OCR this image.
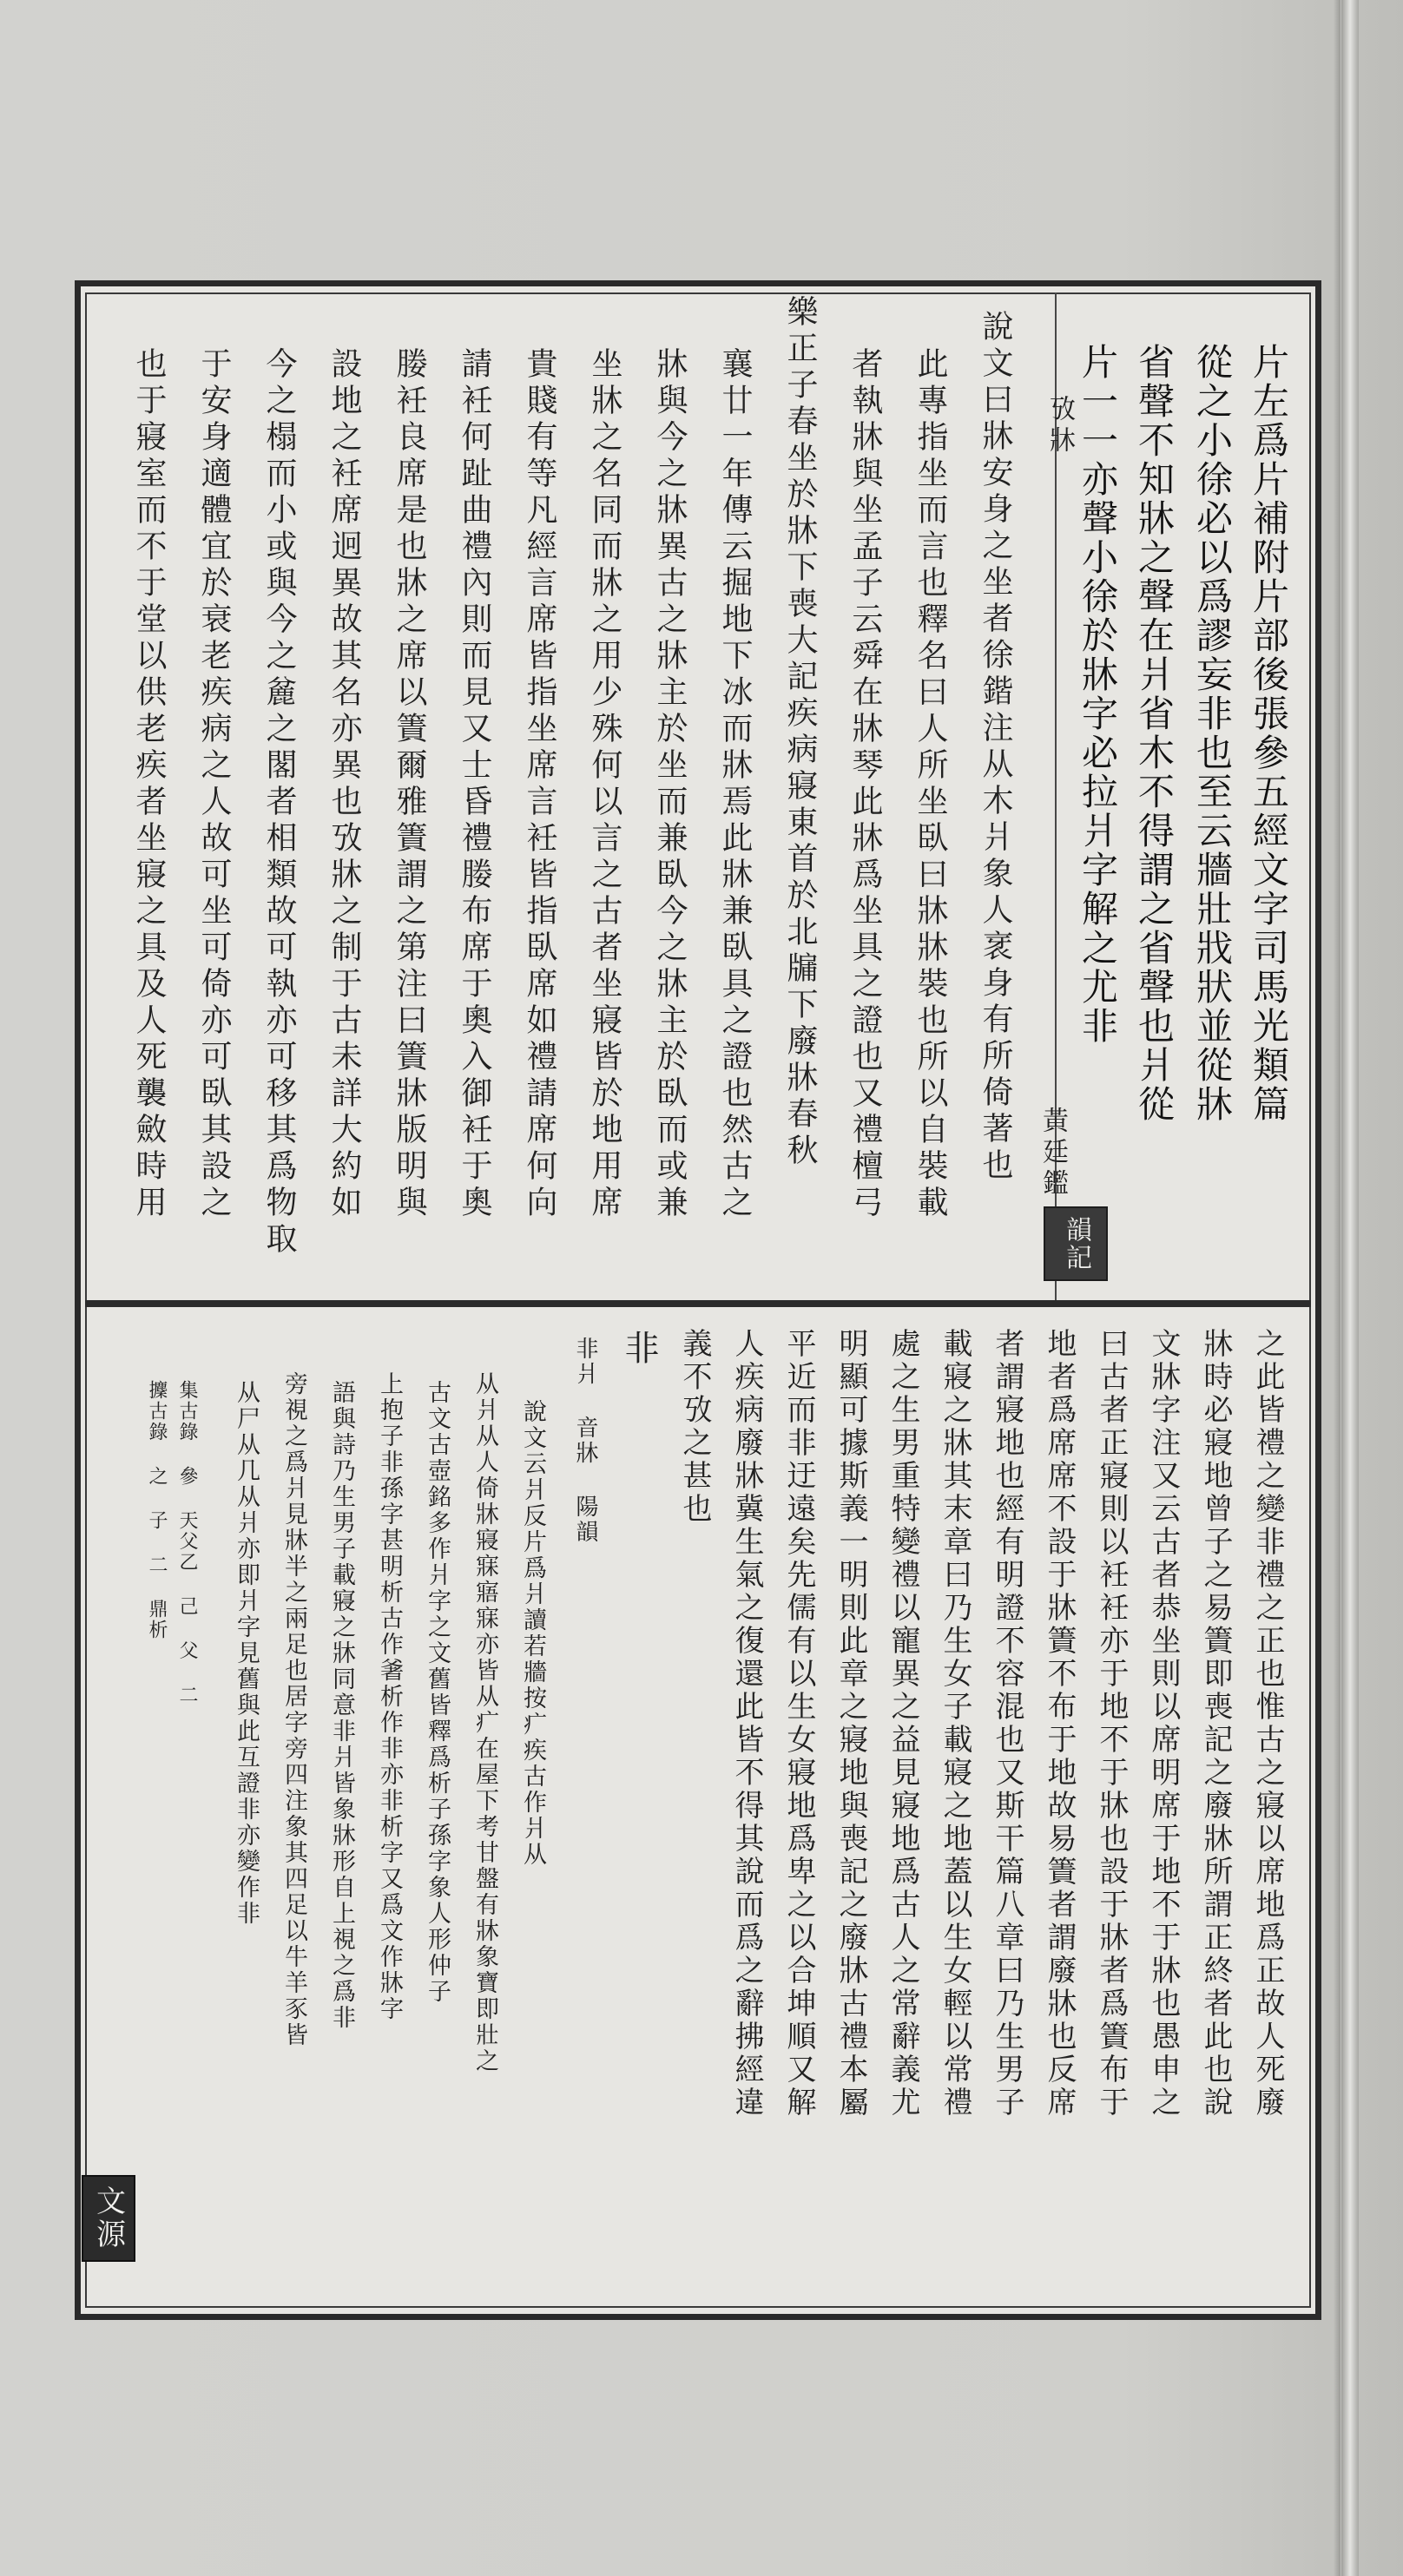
片左爲片補附片部後張參五經文字司馬光類篇
從之小徐必以爲謬妄非也至云牆壯戕狀並從牀
省聲不知牀之聲在爿省木不得謂之省聲也爿從
片一一亦聲小徐於牀字必拉爿字解之尤非
攷牀
黃廷鑑
韻記
說文曰牀安身之坐者徐鍇注从木爿象人衺身有所倚著也
此專指坐而言也釋名曰人所坐臥曰牀牀裝也所以自裝載
者執牀與坐孟子云舜在牀琴此牀爲坐具之證也又禮檀弓
樂正子春坐於牀下喪大記疾病寢東首於北牖下廢牀春秋
襄廿一年傳云掘地下冰而牀焉此牀兼臥具之證也然古之
牀與今之牀異古之牀主於坐而兼臥今之牀主於臥而或兼
坐牀之名同而牀之用少殊何以言之古者坐寢皆於地用席
貴賤有等凡經言席皆指坐席言衽皆指臥席如禮請席何向
請衽何趾曲禮內則而見又士昏禮媵布席于奧入御衽于奧
媵衽良席是也牀之席以簀爾雅簀謂之第注曰簀牀版明與
設地之衽席迥異故其名亦異也攷牀之制于古未詳大約如
今之榻而小或與今之麄之閣者相類故可執亦可移其爲物取
于安身適體宜於衰老疾病之人故可坐可倚亦可臥其設之
也于寢室而不于堂以供老疾者坐寢之具及人死襲斂時用
之此皆禮之變非禮之正也惟古之寢以席地爲正故人死廢
牀時必寢地曾子之易簀即喪記之廢牀所謂正終者此也說
文牀字注又云古者恭坐則以席明席于地不于牀也愚申之
曰古者正寢則以衽衽亦于地不于牀也設于牀者爲簀布于
地者爲席席不設于牀簀不布于地故易簀者謂廢牀也反席
者謂寢地也經有明證不容混也又斯干篇八章曰乃生男子
載寢之牀其末章曰乃生女子載寢之地蓋以生女輕以常禮
處之生男重特變禮以寵異之益見寢地爲古人之常辭義尤
明顯可據斯義一明則此章之寢地與喪記之廢牀古禮本屬
平近而非迂遠矣先儒有以生女寢地爲卑之以合坤順又解
人疾病廢牀冀生氣之復還此皆不得其說而爲之辭拂經違
義不攷之甚也
非
非爿 音牀 陽韻
說文云爿反片爲爿讀若牆按疒疾古作爿从
从爿从人倚牀寢寐寤寐亦皆从疒在屋下考甘盤有牀象寶即壯之
古文古壺銘多作爿字之文舊皆釋爲析子孫字象人形仲子
上抱子非孫字甚明析古作㸙析作非亦非析字又爲文作牀字
語與詩乃生男子載寢之牀同意非爿皆象牀形自上視之爲非
旁視之爲爿見牀半之兩足也居字旁四注象其四足以牛羊豕皆
从尸从几从爿亦即爿字見舊與此互證非亦變作非
集古錄 參 天父乙 己 父 二
攈古錄 之 子 二 鼎析
文源
